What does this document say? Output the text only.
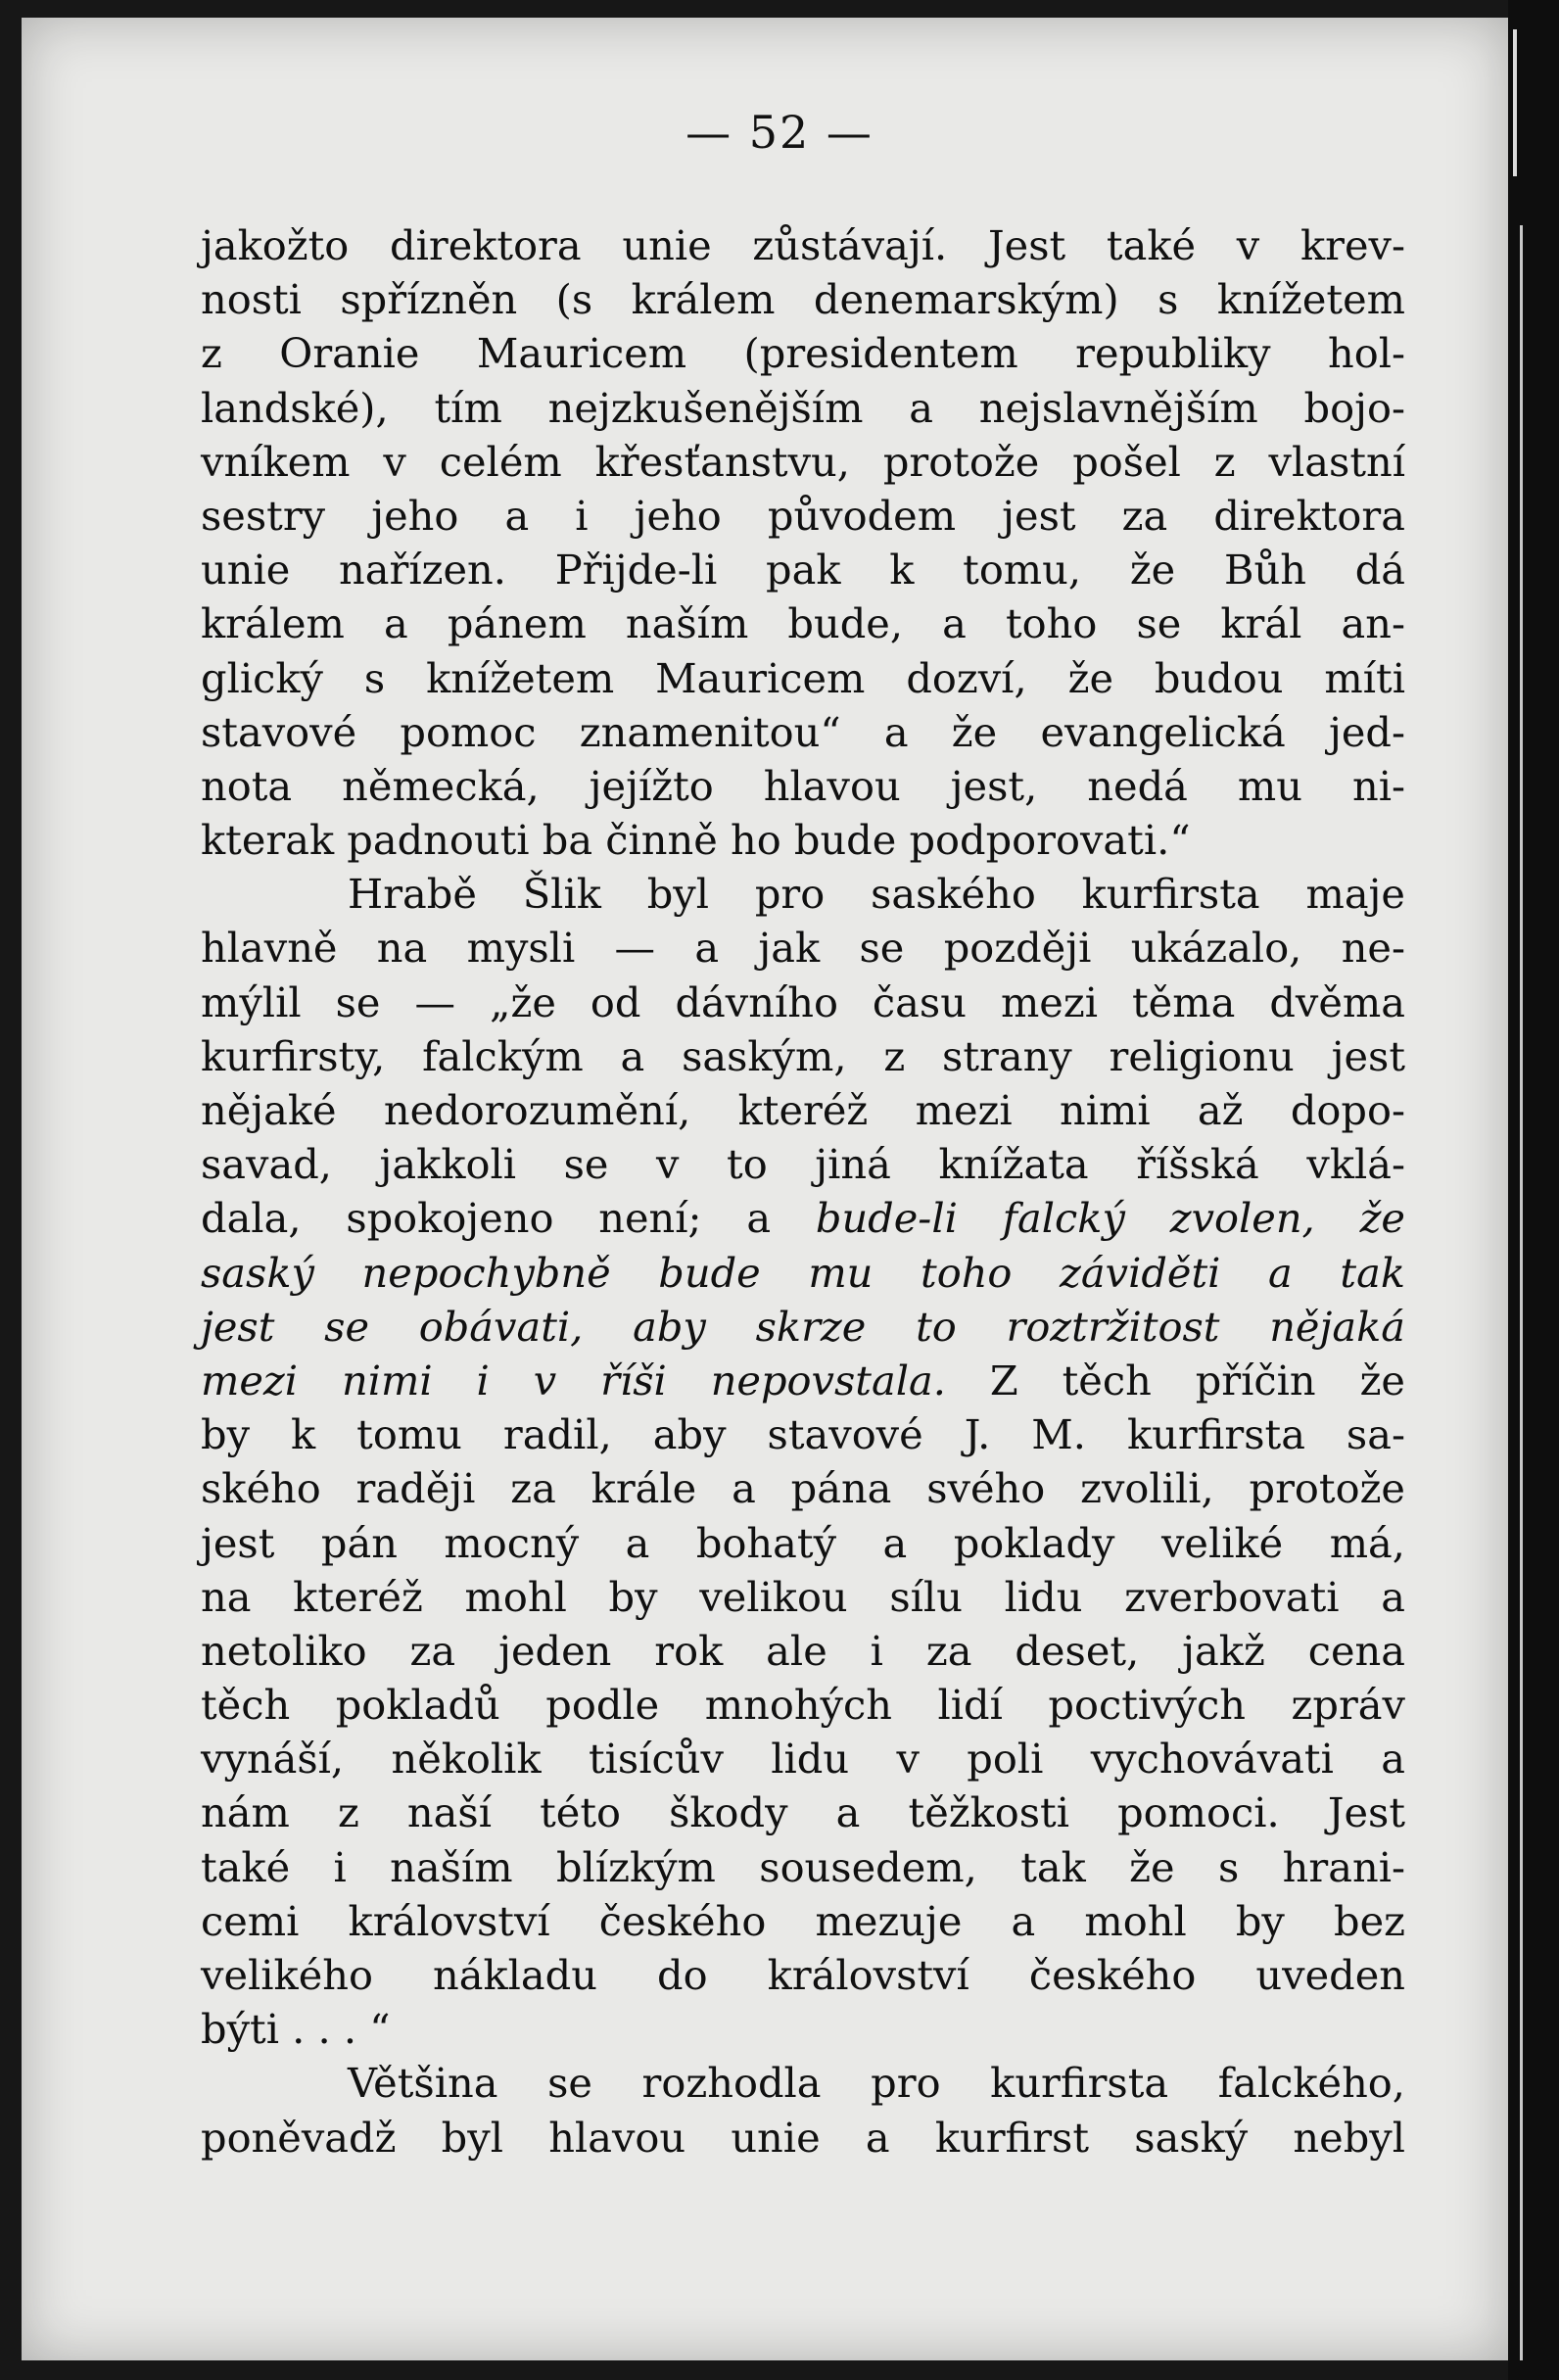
— 52 —
jakožto direktora unie zůstávají. Jest také v krev-
nosti spřízněn (s králem denemarským) s knížetem
z Oranie Mauricem (presidentem republiky hol-
landské), tím nejzkušenějším a nejslavnějším bojo-
vníkem v celém křesťanstvu, protože pošel z vlastní
sestry jeho a i jeho původem jest za direktora
unie nařízen. Přijde-li pak k tomu, že Bůh dá
králem a pánem naším bude, a toho se král an-
glický s knížetem Mauricem dozví, že budou míti
stavové pomoc znamenitou“ a že evangelická jed-
nota německá, jejížto hlavou jest, nedá mu ni-
kterak padnouti ba činně ho bude podporovati.“
Hrabě Šlik byl pro saského kurfirsta maje
hlavně na mysli — a jak se později ukázalo, ne-
mýlil se — „že od dávního času mezi těma dvěma
kurfirsty, falckým a saským, z strany religionu jest
nějaké nedorozumění, kteréž mezi nimi až dopo-
savad, jakkoli se v to jiná knížata říšská vklá-
dala, spokojeno není; a bude-li falcký zvolen, že
saský nepochybně bude mu toho záviděti a tak
jest se obávati, aby skrze to roztržitost nějaká
mezi nimi i v říši nepovstala. Z těch příčin že
by k tomu radil, aby stavové J. M. kurfirsta sa-
ského raději za krále a pána svého zvolili, protože
jest pán mocný a bohatý a poklady veliké má,
na kteréž mohl by velikou sílu lidu zverbovati a
netoliko za jeden rok ale i za deset, jakž cena
těch pokladů podle mnohých lidí poctivých zpráv
vynáší, několik tisícův lidu v poli vychovávati a
nám z naší této škody a těžkosti pomoci. Jest
také i naším blízkým sousedem, tak že s hrani-
cemi království českého mezuje a mohl by bez
velikého nákladu do království českého uveden
býti . . . “
Většina se rozhodla pro kurfirsta falckého,
poněvadž byl hlavou unie a kurfirst saský nebyl
